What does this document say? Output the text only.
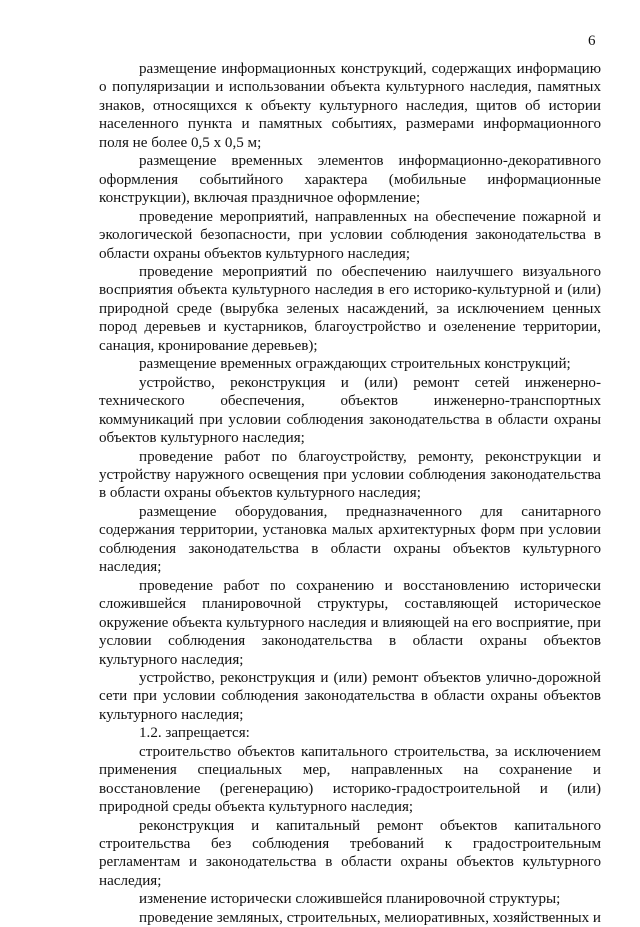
6

размещение информационных конструкций, содержащих информацию о популяризации и использовании объекта культурного наследия, памятных знаков, относящихся к объекту культурного наследия, щитов об истории населенного пункта и памятных событиях, размерами информационного поля не более 0,5 х 0,5 м;

размещение временных элементов информационно-декоративного оформления событийного характера (мобильные информационные конструкции), включая праздничное оформление;

проведение мероприятий, направленных на обеспечение пожарной и экологической безопасности, при условии соблюдения законодательства в области охраны объектов культурного наследия;

проведение мероприятий по обеспечению наилучшего визуального восприятия объекта культурного наследия в его историко-культурной и (или) природной среде (вырубка зеленых насаждений, за исключением ценных пород деревьев и кустарников, благоустройство и озеленение территории, санация, кронирование деревьев);

размещение временных ограждающих строительных конструкций;

устройство, реконструкция и (или) ремонт сетей инженерно-технического обеспечения, объектов инженерно-транспортных коммуникаций при условии соблюдения законодательства в области охраны объектов культурного наследия;

проведение работ по благоустройству, ремонту, реконструкции и устройству наружного освещения при условии соблюдения законодательства в области охраны объектов культурного наследия;

размещение оборудования, предназначенного для санитарного содержания территории, установка малых архитектурных форм при условии соблюдения законодательства в области охраны объектов культурного наследия;

проведение работ по сохранению и восстановлению исторически сложившейся планировочной структуры, составляющей историческое окружение объекта культурного наследия и влияющей на его восприятие, при условии соблюдения законодательства в области охраны объектов культурного наследия;

устройство, реконструкция и (или) ремонт объектов улично-дорожной сети при условии соблюдения законодательства в области охраны объектов культурного наследия;

1.2. запрещается:

строительство объектов капитального строительства, за исключением применения специальных мер, направленных на сохранение и восстановление (регенерацию) историко-градостроительной и (или) природной среды объекта культурного наследия;

реконструкция и капитальный ремонт объектов капитального строительства без соблюдения требований к градостроительным регламентам и законодательства в области охраны объектов культурного наследия;

изменение исторически сложившейся планировочной структуры;

проведение земляных, строительных, мелиоративных, хозяйственных и
